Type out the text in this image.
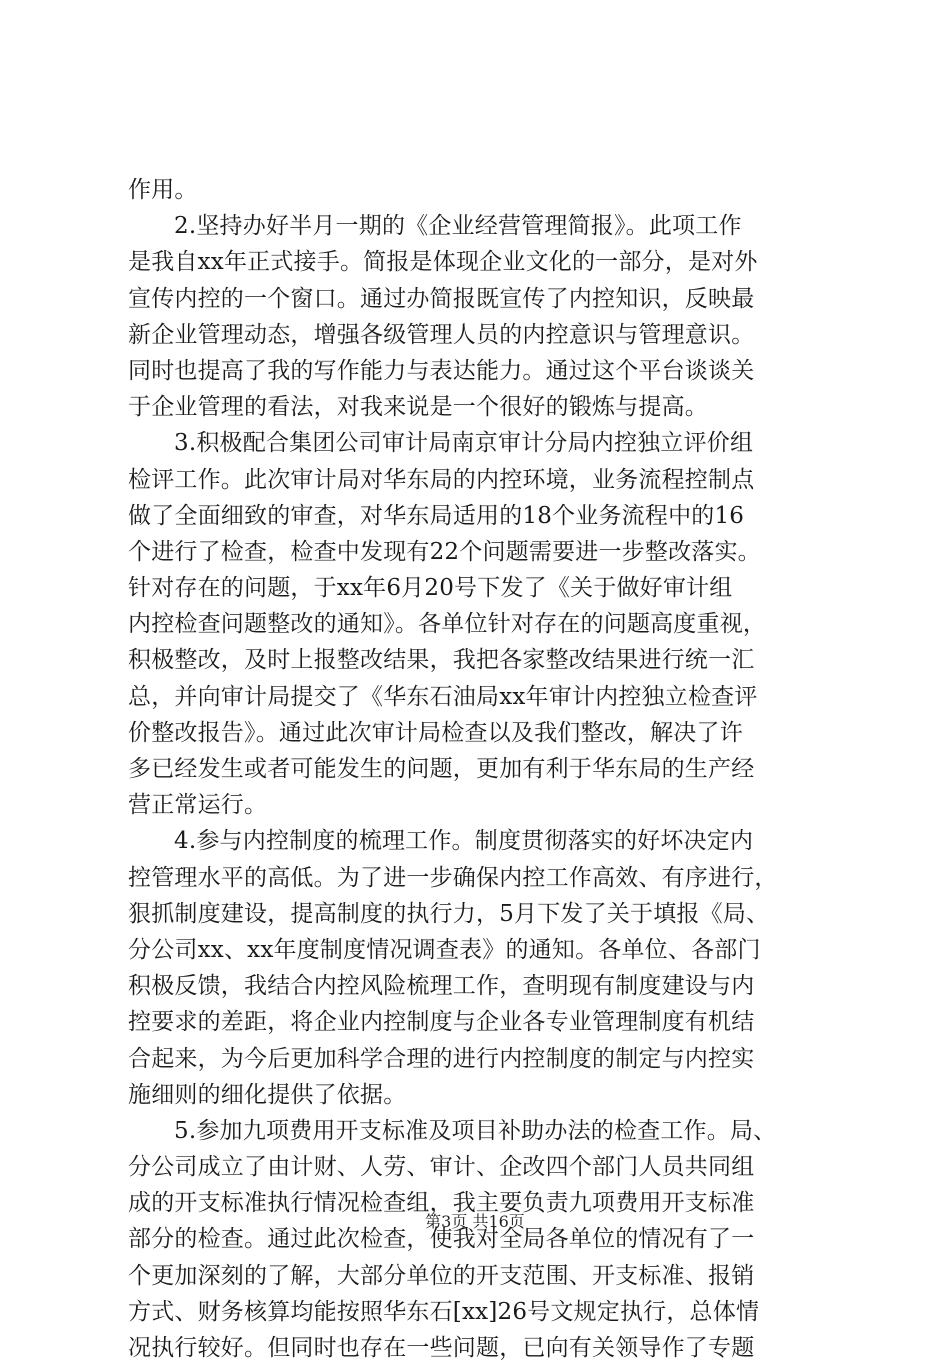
作用。
2.坚持办好半月一期的《企业经营管理简报》。此项工作
是我自xx年正式接手。简报是体现企业文化的一部分，是对外
宣传内控的一个窗口。通过办简报既宣传了内控知识，反映最
新企业管理动态，增强各级管理人员的内控意识与管理意识。
同时也提高了我的写作能力与表达能力。通过这个平台谈谈关
于企业管理的看法，对我来说是一个很好的锻炼与提高。
3.积极配合集团公司审计局南京审计分局内控独立评价组
检评工作。此次审计局对华东局的内控环境，业务流程控制点
做了全面细致的审查，对华东局适用的18个业务流程中的16
个进行了检查，检查中发现有22个问题需要进一步整改落实。
针对存在的问题，于xx年6月20号下发了《关于做好审计组
内控检查问题整改的通知》。各单位针对存在的问题高度重视，
积极整改，及时上报整改结果，我把各家整改结果进行统一汇
总，并向审计局提交了《华东石油局xx年审计内控独立检查评
价整改报告》。通过此次审计局检查以及我们整改，解决了许
多已经发生或者可能发生的问题，更加有利于华东局的生产经
营正常运行。
4.参与内控制度的梳理工作。制度贯彻落实的好坏决定内
控管理水平的高低。为了进一步确保内控工作高效、有序进行，
狠抓制度建设，提高制度的执行力，5月下发了关于填报《局、
分公司xx、xx年度制度情况调查表》的通知。各单位、各部门
积极反馈，我结合内控风险梳理工作，查明现有制度建设与内
控要求的差距，将企业内控制度与企业各专业管理制度有机结
合起来，为今后更加科学合理的进行内控制度的制定与内控实
施细则的细化提供了依据。
5.参加九项费用开支标准及项目补助办法的检查工作。局、
分公司成立了由计财、人劳、审计、企改四个部门人员共同组
成的开支标准执行情况检查组，我主要负责九项费用开支标准
部分的检查。通过此次检查，使我对全局各单位的情况有了一
个更加深刻的了解，大部分单位的开支范围、开支标准、报销
方式、财务核算均能按照华东石[xx]26号文规定执行，总体情
况执行较好。但同时也存在一些问题，已向有关领导作了专题
第3页 共16页
